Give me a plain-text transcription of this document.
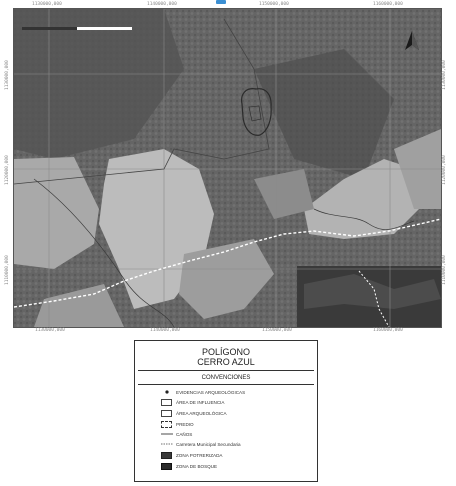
1130000,000	1140000,000	1150000,000	1160000,000
1130000,000	1140000,000	1150000,000	1160000,000
1130000,000
1120000,000
1110000,000
1130000,000
1120000,000
1110000,000
POLÍGONO
CERRO AZUL
CONVENCIONES
EVIDENCIAS ARQUEOLÓGICAS
ÁREA DE INFLUENCIA
ÁREA ARQUEOLÓGICA
PREDIO
CAÑOS
Carretera Municipal Secundaria
ZONA POTRERIZADA
ZONA DE BOSQUE
